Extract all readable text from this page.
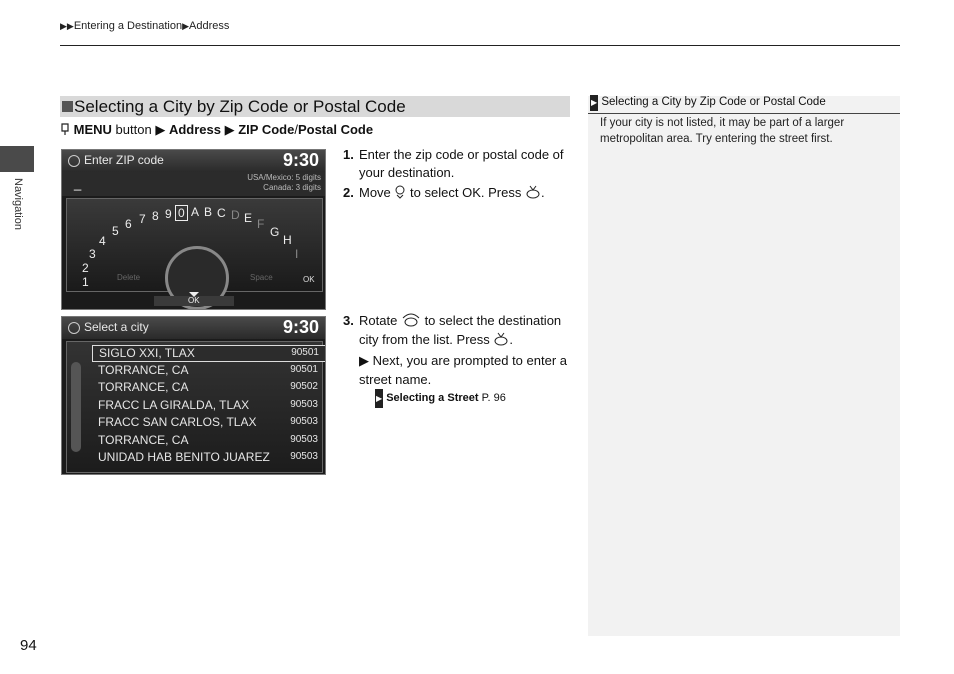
▶▶Entering a Destination▶Address
Navigation
94
Selecting a City by Zip Code or Postal Code
MENU button ▶ Address ▶ ZIP Code/Postal Code
Enter ZIP code	9:30
_	USA/Mexico: 5 digits
Canada: 3 digits
1
2
3
4
5 6 7 8 9 0 A B C D E F
G
H
I
Delete	Space	OK
OK
Select a city	9:30
SIGLO XXI, TLAX	90501
TORRANCE, CA	90501
TORRANCE, CA	90502
FRACC LA GIRALDA, TLAX	90503
FRACC SAN CARLOS, TLAX	90503
TORRANCE, CA	90503
UNIDAD HAB BENITO JUAREZ 90503
1. Enter the zip code or postal code of your destination.
2. Move to select OK. Press .
3. Rotate to select the destination city from the list. Press .
▶ Next, you are prompted to enter a street name.
▶ Selecting a Street P. 96
▶ Selecting a City by Zip Code or Postal Code
If your city is not listed, it may be part of a larger metropolitan area. Try entering the street first.
